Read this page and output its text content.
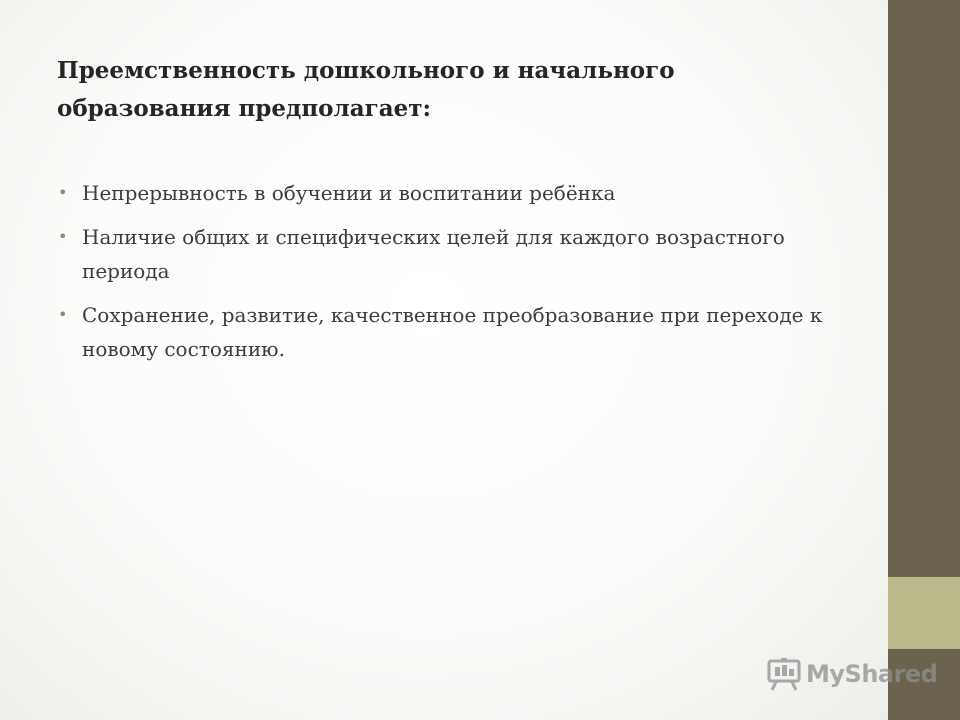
Преемственность дошкольного и начального образования предполагает:
• Непрерывность в обучении и воспитании ребёнка
• Наличие общих и специфических целей для каждого возрастного периода
• Сохранение, развитие, качественное преобразование при переходе к новому состоянию.
MyShared
